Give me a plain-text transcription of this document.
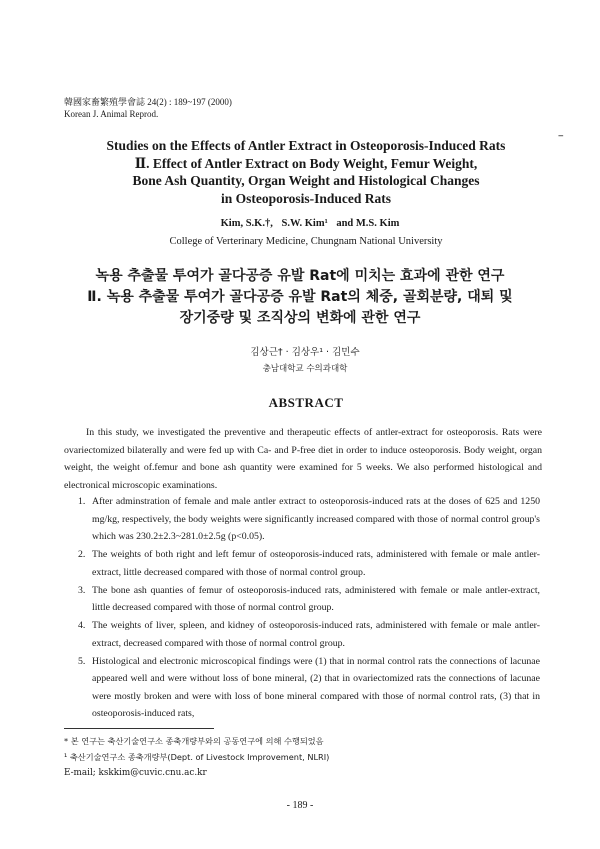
韓國家畜繁殖學會誌 24(2) : 189~197 (2000)
Korean J. Animal Reprod.
⁻
Studies on the Effects of Antler Extract in Osteoporosis-Induced Rats
Ⅱ. Effect of Antler Extract on Body Weight, Femur Weight,
Bone Ash Quantity, Organ Weight and Histological Changes
in Osteoporosis-Induced Rats
Kim, S.K.†, S.W. Kim¹ and M.S. Kim
College of Verterinary Medicine, Chungnam National University
녹용 추출물 투여가 골다공증 유발 Rat에 미치는 효과에 관한 연구
Ⅱ. 녹용 추출물 투여가 골다공증 유발 Rat의 체중, 골회분량, 대퇴 및
장기중량 및 조직상의 변화에 관한 연구
김상근† · 김상우¹ · 김민수
충남대학교 수의과대학
ABSTRACT

In this study, we investigated the preventive and therapeutic effects of antler-extract for osteoporosis. Rats were ovariectomized bilaterally and were fed up with Ca- and P-free diet in order to induce osteoporosis. Body weight, organ weight, the weight of.femur and bone ash quantity were examined for 5 weeks. We also performed histological and electronical microscopic examinations.

1. After adminstration of female and male antler extract to osteoporosis-induced rats at the doses of 625 and 1250 mg/kg, respectively, the body weights were significantly increased compared with those of normal control group's which was 230.2±2.3~281.0±2.5g (p<0.05).
2. The weights of both right and left femur of osteoporosis-induced rats, administered with female or male antler-extract, little decreased compared with those of normal control group.
3. The bone ash quanties of femur of osteoporosis-induced rats, administered with female or male antler-extract, little decreased compared with those of normal control group.
4. The weights of liver, spleen, and kidney of osteoporosis-induced rats, administered with female or male antler-extract, decreased compared with those of normal control group.
5. Histological and electronic microscopical findings were (1) that in normal control rats the connections of lacunae appeared well and were without loss of bone mineral, (2) that in ovariectomized rats the connections of lacunae were mostly broken and were with loss of bone mineral compared with those of normal control rats, (3) that in osteoporosis-induced rats,
* 본 연구는 축산기술연구소 종축개량부와의 공동연구에 의해 수행되었음
¹ 축산기술연구소 종축개량부(Dept. of Livestock Improvement, NLRI)
E-mail; kskkim@cuvic.cnu.ac.kr
- 189 -
